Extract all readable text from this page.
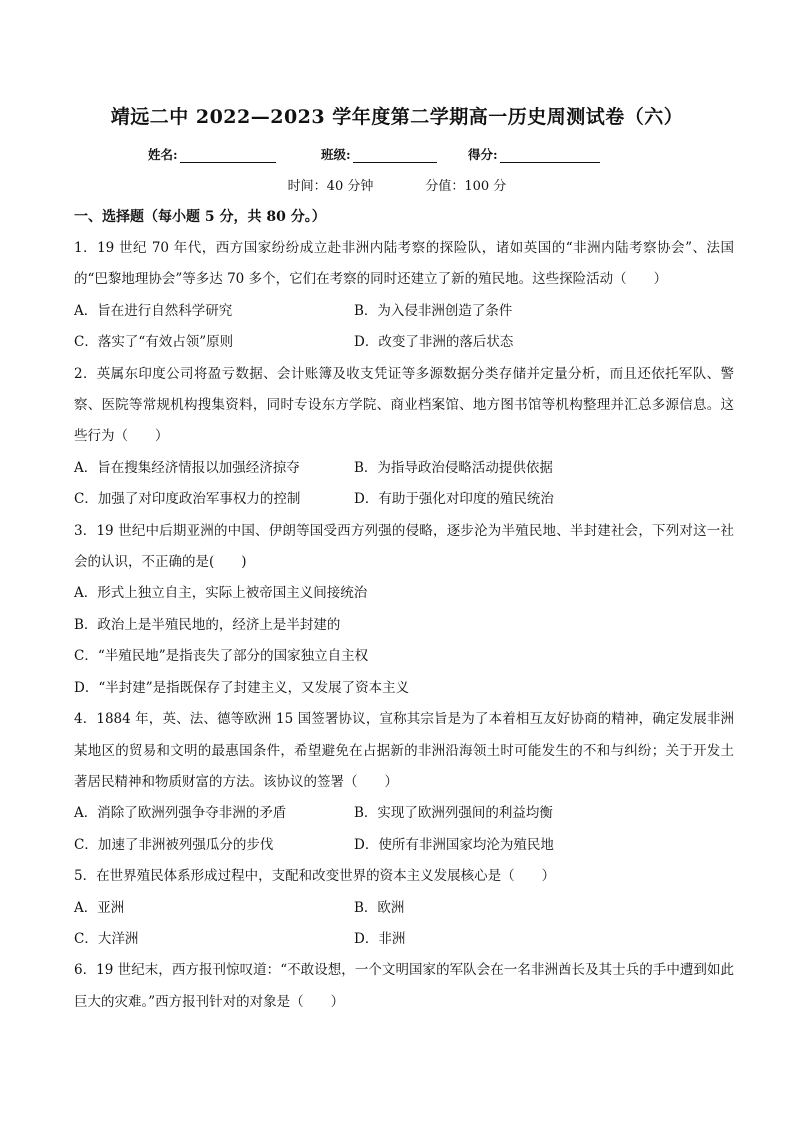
靖远二中 2022—2023 学年度第二学期高一历史周测试卷（六）
姓名:	班级:	得分:
时间：40 分钟	分值：100 分
一、选择题（每小题 5 分，共 80 分。）

1．19 世纪 70 年代，西方国家纷纷成立赴非洲内陆考察的探险队，诸如英国的“非洲内陆考察协会”、法国的“巴黎地理协会”等多达 70 多个，它们在考察的同时还建立了新的殖民地。这些探险活动（　　）

A．旨在进行自然科学研究	B．为入侵非洲创造了条件
C．落实了“有效占领”原则	D．改变了非洲的落后状态

2．英属东印度公司将盈亏数据、会计账簿及收支凭证等多源数据分类存储并定量分析，而且还依托军队、警察、医院等常规机构搜集资料，同时专设东方学院、商业档案馆、地方图书馆等机构整理并汇总多源信息。这些行为（　　）

A．旨在搜集经济情报以加强经济掠夺	B．为指导政治侵略活动提供依据
C．加强了对印度政治军事权力的控制	D．有助于强化对印度的殖民统治

3．19 世纪中后期亚洲的中国、伊朗等国受西方列强的侵略，逐步沦为半殖民地、半封建社会，下列对这一社会的认识，不正确的是(　　)

A．形式上独立自主，实际上被帝国主义间接统治
B．政治上是半殖民地的，经济上是半封建的
C．“半殖民地”是指丧失了部分的国家独立自主权
D．“半封建”是指既保存了封建主义，又发展了资本主义

4．1884 年，英、法、德等欧洲 15 国签署协议，宣称其宗旨是为了本着相互友好协商的精神，确定发展非洲某地区的贸易和文明的最惠国条件，希望避免在占据新的非洲沿海领土时可能发生的不和与纠纷；关于开发土著居民精神和物质财富的方法。该协议的签署（　　）

A．消除了欧洲列强争夺非洲的矛盾	B．实现了欧洲列强间的利益均衡
C．加速了非洲被列强瓜分的步伐	D．使所有非洲国家均沦为殖民地

5．在世界殖民体系形成过程中，支配和改变世界的资本主义发展核心是（　　）

A．亚洲	B．欧洲
C．大洋洲	D．非洲

6．19 世纪末，西方报刊惊叹道：“不敢设想，一个文明国家的军队会在一名非洲酋长及其士兵的手中遭到如此巨大的灾难。”西方报刊针对的对象是（　　）
